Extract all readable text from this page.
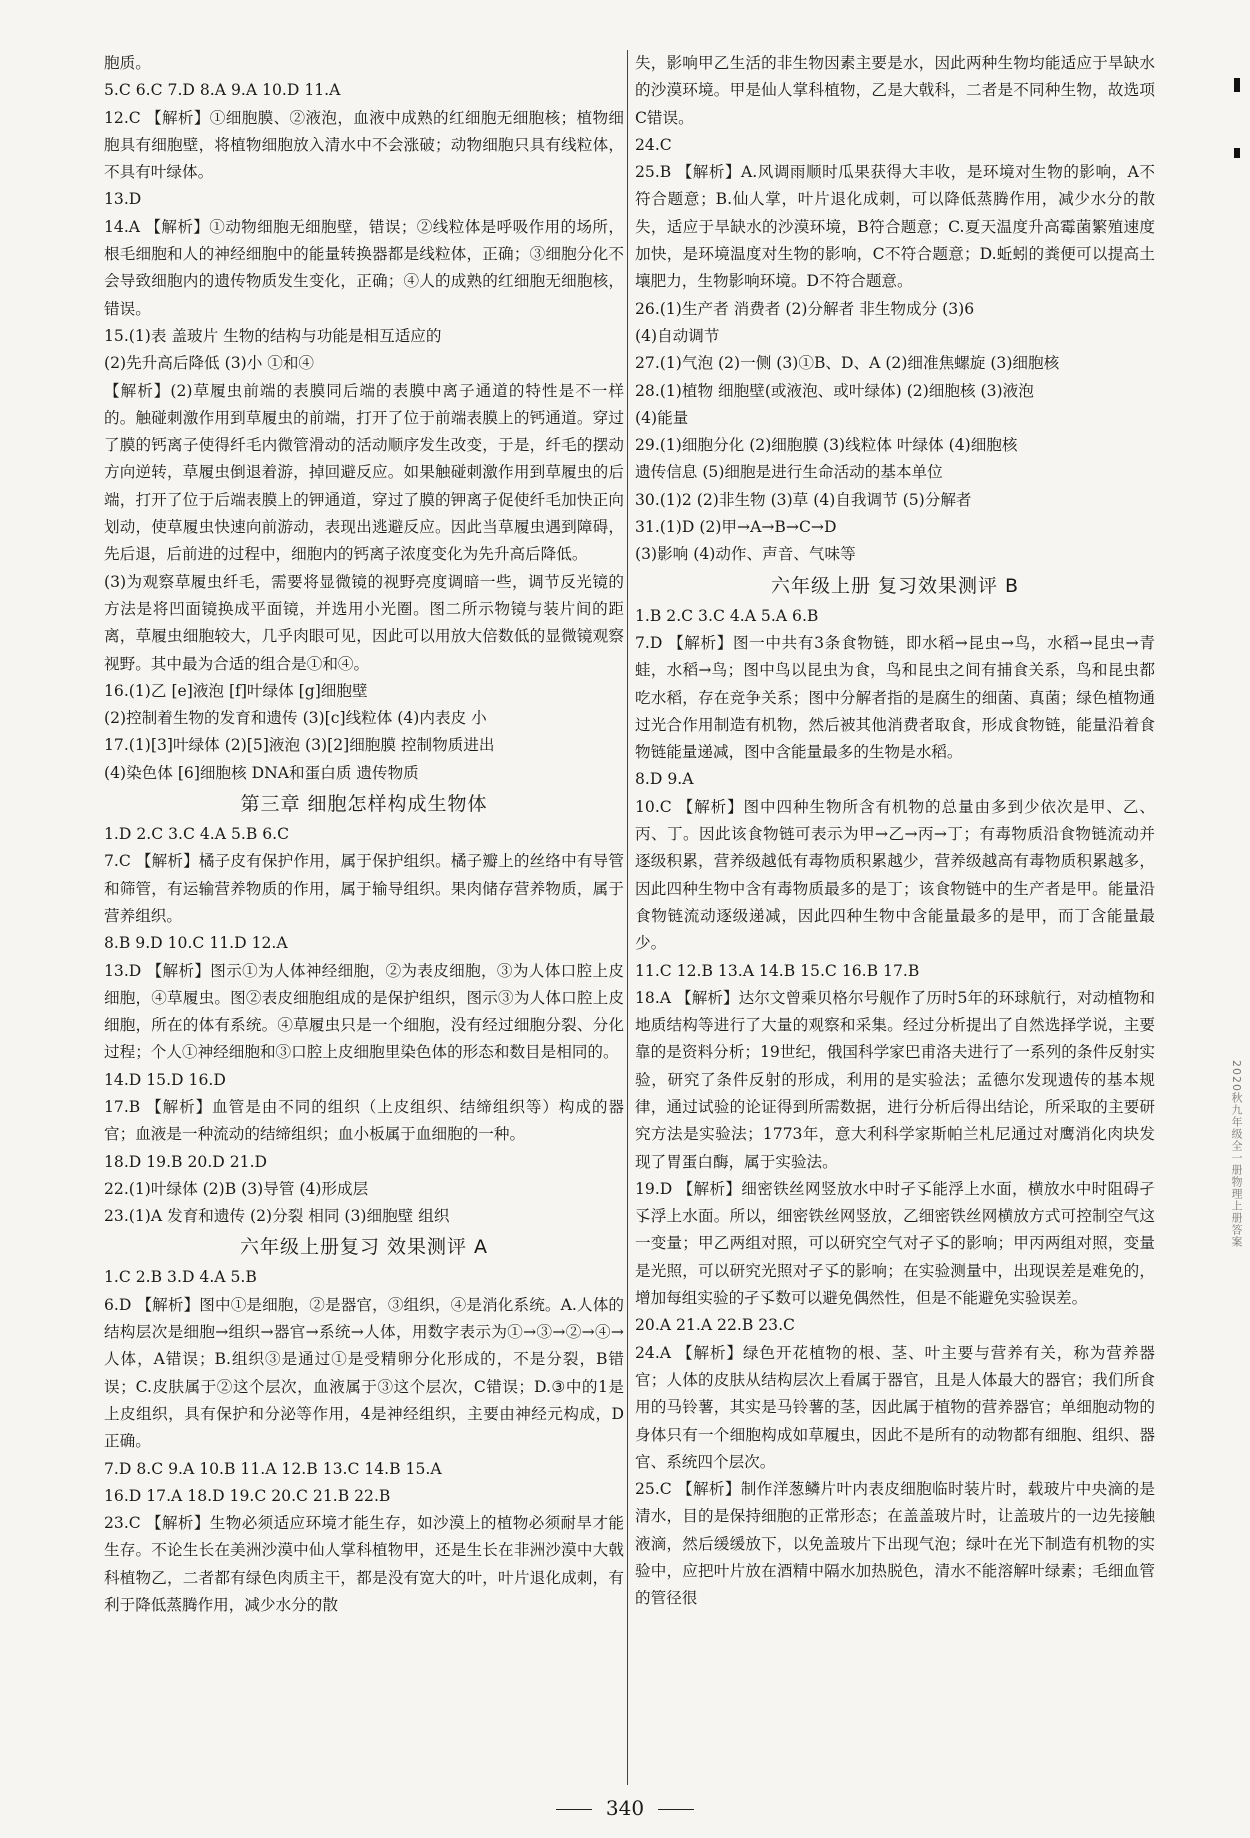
胞质。

5.C 6.C 7.D 8.A 9.A 10.D 11.A

12.C 【解析】①细胞膜、②液泡，血液中成熟的红细胞无细胞核；植物细胞具有细胞壁，将植物细胞放入清水中不会涨破；动物细胞只具有线粒体，不具有叶绿体。

13.D

14.A 【解析】①动物细胞无细胞壁，错误；②线粒体是呼吸作用的场所，根毛细胞和人的神经细胞中的能量转换器都是线粒体，正确；③细胞分化不会导致细胞内的遗传物质发生变化，正确；④人的成熟的红细胞无细胞核，错误。

15.(1)表 盖玻片 生物的结构与功能是相互适应的

(2)先升高后降低 (3)小 ①和④

【解析】(2)草履虫前端的表膜同后端的表膜中离子通道的特性是不一样的。触碰刺激作用到草履虫的前端，打开了位于前端表膜上的钙通道。穿过了膜的钙离子使得纤毛内微管滑动的活动顺序发生改变，于是，纤毛的摆动方向逆转，草履虫倒退着游，掉回避反应。如果触碰刺激作用到草履虫的后端，打开了位于后端表膜上的钾通道，穿过了膜的钾离子促使纤毛加快正向划动，使草履虫快速向前游动，表现出逃避反应。因此当草履虫遇到障碍，先后退，后前进的过程中，细胞内的钙离子浓度变化为先升高后降低。

(3)为观察草履虫纤毛，需要将显微镜的视野亮度调暗一些，调节反光镜的方法是将凹面镜换成平面镜，并选用小光圈。图二所示物镜与装片间的距离，草履虫细胞较大，几乎肉眼可见，因此可以用放大倍数低的显微镜观察视野。其中最为合适的组合是①和④。

16.(1)乙 [e]液泡 [f]叶绿体 [g]细胞壁

(2)控制着生物的发育和遗传 (3)[c]线粒体 (4)内表皮 小

17.(1)[3]叶绿体 (2)[5]液泡 (3)[2]细胞膜 控制物质进出

(4)染色体 [6]细胞核 DNA和蛋白质 遗传物质

第三章 细胞怎样构成生物体

1.D 2.C 3.C 4.A 5.B 6.C

7.C 【解析】橘子皮有保护作用，属于保护组织。橘子瓣上的丝络中有导管和筛管，有运输营养物质的作用，属于输导组织。果肉储存营养物质，属于营养组织。

8.B 9.D 10.C 11.D 12.A

13.D 【解析】图示①为人体神经细胞，②为表皮细胞，③为人体口腔上皮细胞，④草履虫。图②表皮细胞组成的是保护组织，图示③为人体口腔上皮细胞，所在的体有系统。④草履虫只是一个细胞，没有经过细胞分裂、分化过程；个人①神经细胞和③口腔上皮细胞里染色体的形态和数目是相同的。

14.D 15.D 16.D

17.B 【解析】血管是由不同的组织（上皮组织、结缔组织等）构成的器官；血液是一种流动的结缔组织；血小板属于血细胞的一种。

18.D 19.B 20.D 21.D

22.(1)叶绿体 (2)B (3)导管 (4)形成层

23.(1)A 发育和遗传 (2)分裂 相同 (3)细胞壁 组织

六年级上册复习 效果测评 A

1.C 2.B 3.D 4.A 5.B

6.D 【解析】图中①是细胞，②是器官，③组织，④是消化系统。A.人体的结构层次是细胞→组织→器官→系统→人体，用数字表示为①→③→②→④→人体，A错误；B.组织③是通过①是受精卵分化形成的，不是分裂，B错误；C.皮肤属于②这个层次，血液属于③这个层次，C错误；D.③中的1是上皮组织，具有保护和分泌等作用，4是神经组织，主要由神经元构成，D正确。

7.D 8.C 9.A 10.B 11.A 12.B 13.C 14.B 15.A

16.D 17.A 18.D 19.C 20.C 21.B 22.B

23.C 【解析】生物必须适应环境才能生存，如沙漠上的植物必须耐旱才能生存。不论生长在美洲沙漠中仙人掌科植物甲，还是生长在非洲沙漠中大戟科植物乙，二者都有绿色肉质主干，都是没有宽大的叶，叶片退化成刺，有利于降低蒸腾作用，减少水分的散

失，影响甲乙生活的非生物因素主要是水，因此两种生物均能适应于旱缺水的沙漠环境。甲是仙人掌科植物，乙是大戟科，二者是不同种生物，故选项C错误。

24.C

25.B 【解析】A.风调雨顺时瓜果获得大丰收，是环境对生物的影响，A不符合题意；B.仙人掌，叶片退化成刺，可以降低蒸腾作用，减少水分的散失，适应于旱缺水的沙漠环境，B符合题意；C.夏天温度升高霉菌繁殖速度加快，是环境温度对生物的影响，C不符合题意；D.蚯蚓的粪便可以提高土壤肥力，生物影响环境。D不符合题意。

26.(1)生产者 消费者 (2)分解者 非生物成分 (3)6

(4)自动调节

27.(1)气泡 (2)一侧 (3)①B、D、A (2)细准焦螺旋 (3)细胞核

28.(1)植物 细胞壁(或液泡、或叶绿体) (2)细胞核 (3)液泡

(4)能量

29.(1)细胞分化 (2)细胞膜 (3)线粒体 叶绿体 (4)细胞核

遗传信息 (5)细胞是进行生命活动的基本单位

30.(1)2 (2)非生物 (3)草 (4)自我调节 (5)分解者

31.(1)D (2)甲→A→B→C→D

(3)影响 (4)动作、声音、气味等

六年级上册 复习效果测评 B

1.B 2.C 3.C 4.A 5.A 6.B

7.D 【解析】图一中共有3条食物链，即水稻→昆虫→鸟，水稻→昆虫→青蛙，水稻→鸟；图中鸟以昆虫为食，鸟和昆虫之间有捕食关系，鸟和昆虫都吃水稻，存在竞争关系；图中分解者指的是腐生的细菌、真菌；绿色植物通过光合作用制造有机物，然后被其他消费者取食，形成食物链，能量沿着食物链能量递减，图中含能量最多的生物是水稻。

8.D 9.A

10.C 【解析】图中四种生物所含有机物的总量由多到少依次是甲、乙、丙、丁。因此该食物链可表示为甲→乙→丙→丁；有毒物质沿食物链流动并逐级积累，营养级越低有毒物质积累越少，营养级越高有毒物质积累越多，因此四种生物中含有毒物质最多的是丁；该食物链中的生产者是甲。能量沿食物链流动逐级递减，因此四种生物中含能量最多的是甲，而丁含能量最少。

11.C 12.B 13.A 14.B 15.C 16.B 17.B

18.A 【解析】达尔文曾乘贝格尔号舰作了历时5年的环球航行，对动植物和地质结构等进行了大量的观察和采集。经过分析提出了自然选择学说，主要靠的是资料分析；19世纪，俄国科学家巴甫洛夫进行了一系列的条件反射实验，研究了条件反射的形成，利用的是实验法；孟德尔发现遗传的基本规律，通过试验的论证得到所需数据，进行分析后得出结论，所采取的主要研究方法是实验法；1773年，意大利科学家斯帕兰札尼通过对鹰消化肉块发现了胃蛋白酶，属于实验法。

19.D 【解析】细密铁丝网竖放水中时孑孓能浮上水面，横放水中时阻碍孑孓浮上水面。所以，细密铁丝网竖放，乙细密铁丝网横放方式可控制空气这一变量；甲乙两组对照，可以研究空气对孑孓的影响；甲丙两组对照，变量是光照，可以研究光照对孑孓的影响；在实验测量中，出现误差是难免的，增加每组实验的孑孓数可以避免偶然性，但是不能避免实验误差。

20.A 21.A 22.B 23.C

24.A 【解析】绿色开花植物的根、茎、叶主要与营养有关，称为营养器官；人体的皮肤从结构层次上看属于器官，且是人体最大的器官；我们所食用的马铃薯，其实是马铃薯的茎，因此属于植物的营养器官；单细胞动物的身体只有一个细胞构成如草履虫，因此不是所有的动物都有细胞、组织、器官、系统四个层次。

25.C 【解析】制作洋葱鳞片叶内表皮细胞临时装片时，载玻片中央滴的是清水，目的是保持细胞的正常形态；在盖盖玻片时，让盖玻片的一边先接触液滴，然后缓缓放下，以免盖玻片下出现气泡；绿叶在光下制造有机物的实验中，应把叶片放在酒精中隔水加热脱色，清水不能溶解叶绿素；毛细血管的管径很

2020秋九年级全一册物理上册答案
340
